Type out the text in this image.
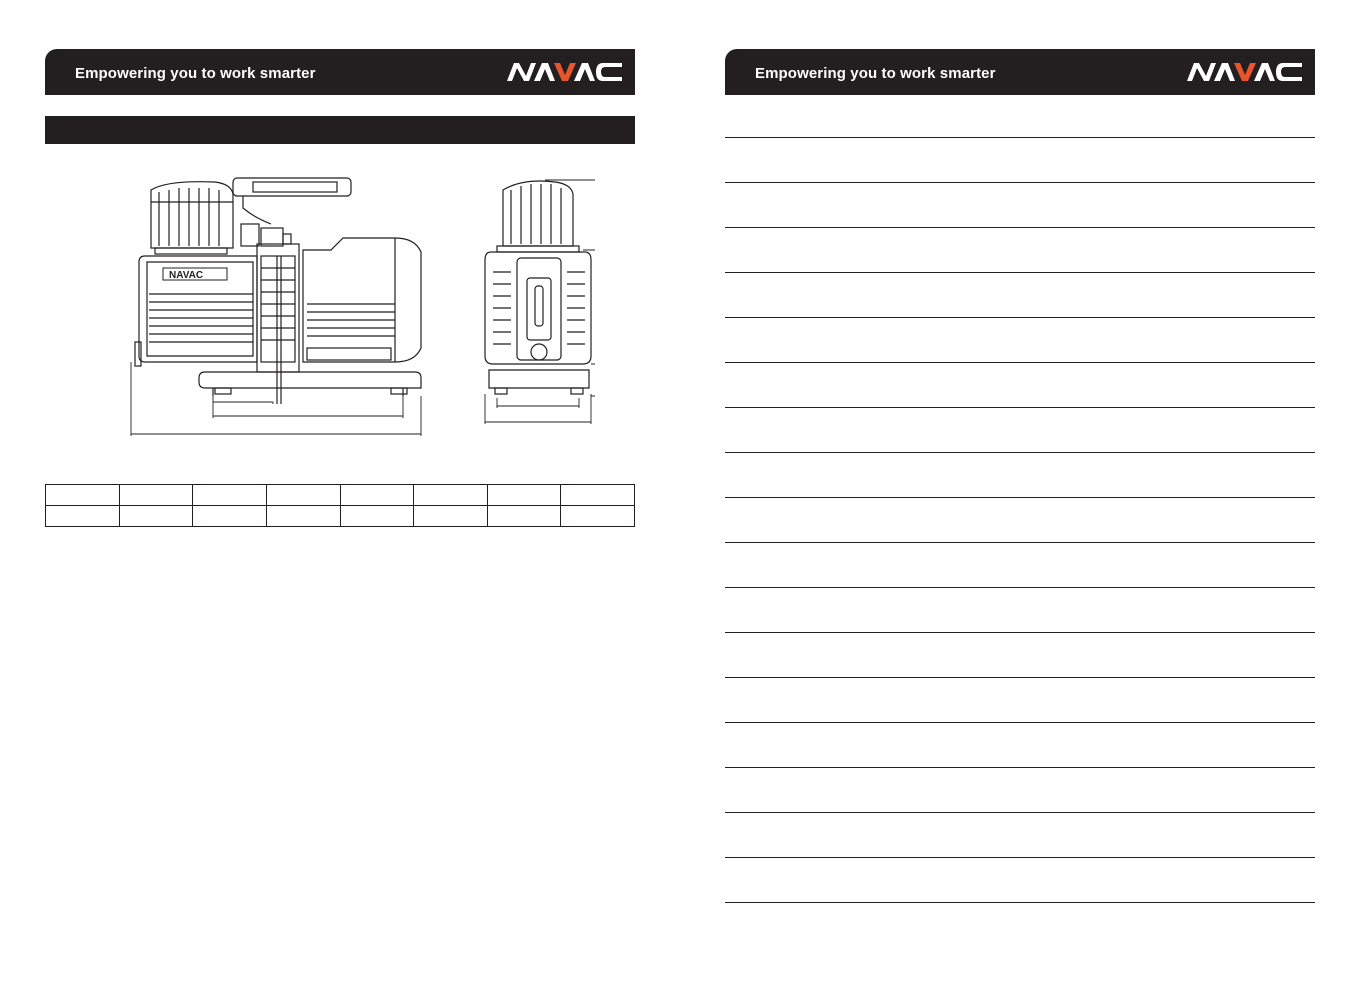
Empowering you to work smarter
NAVAC

Empowering you to work smarter
